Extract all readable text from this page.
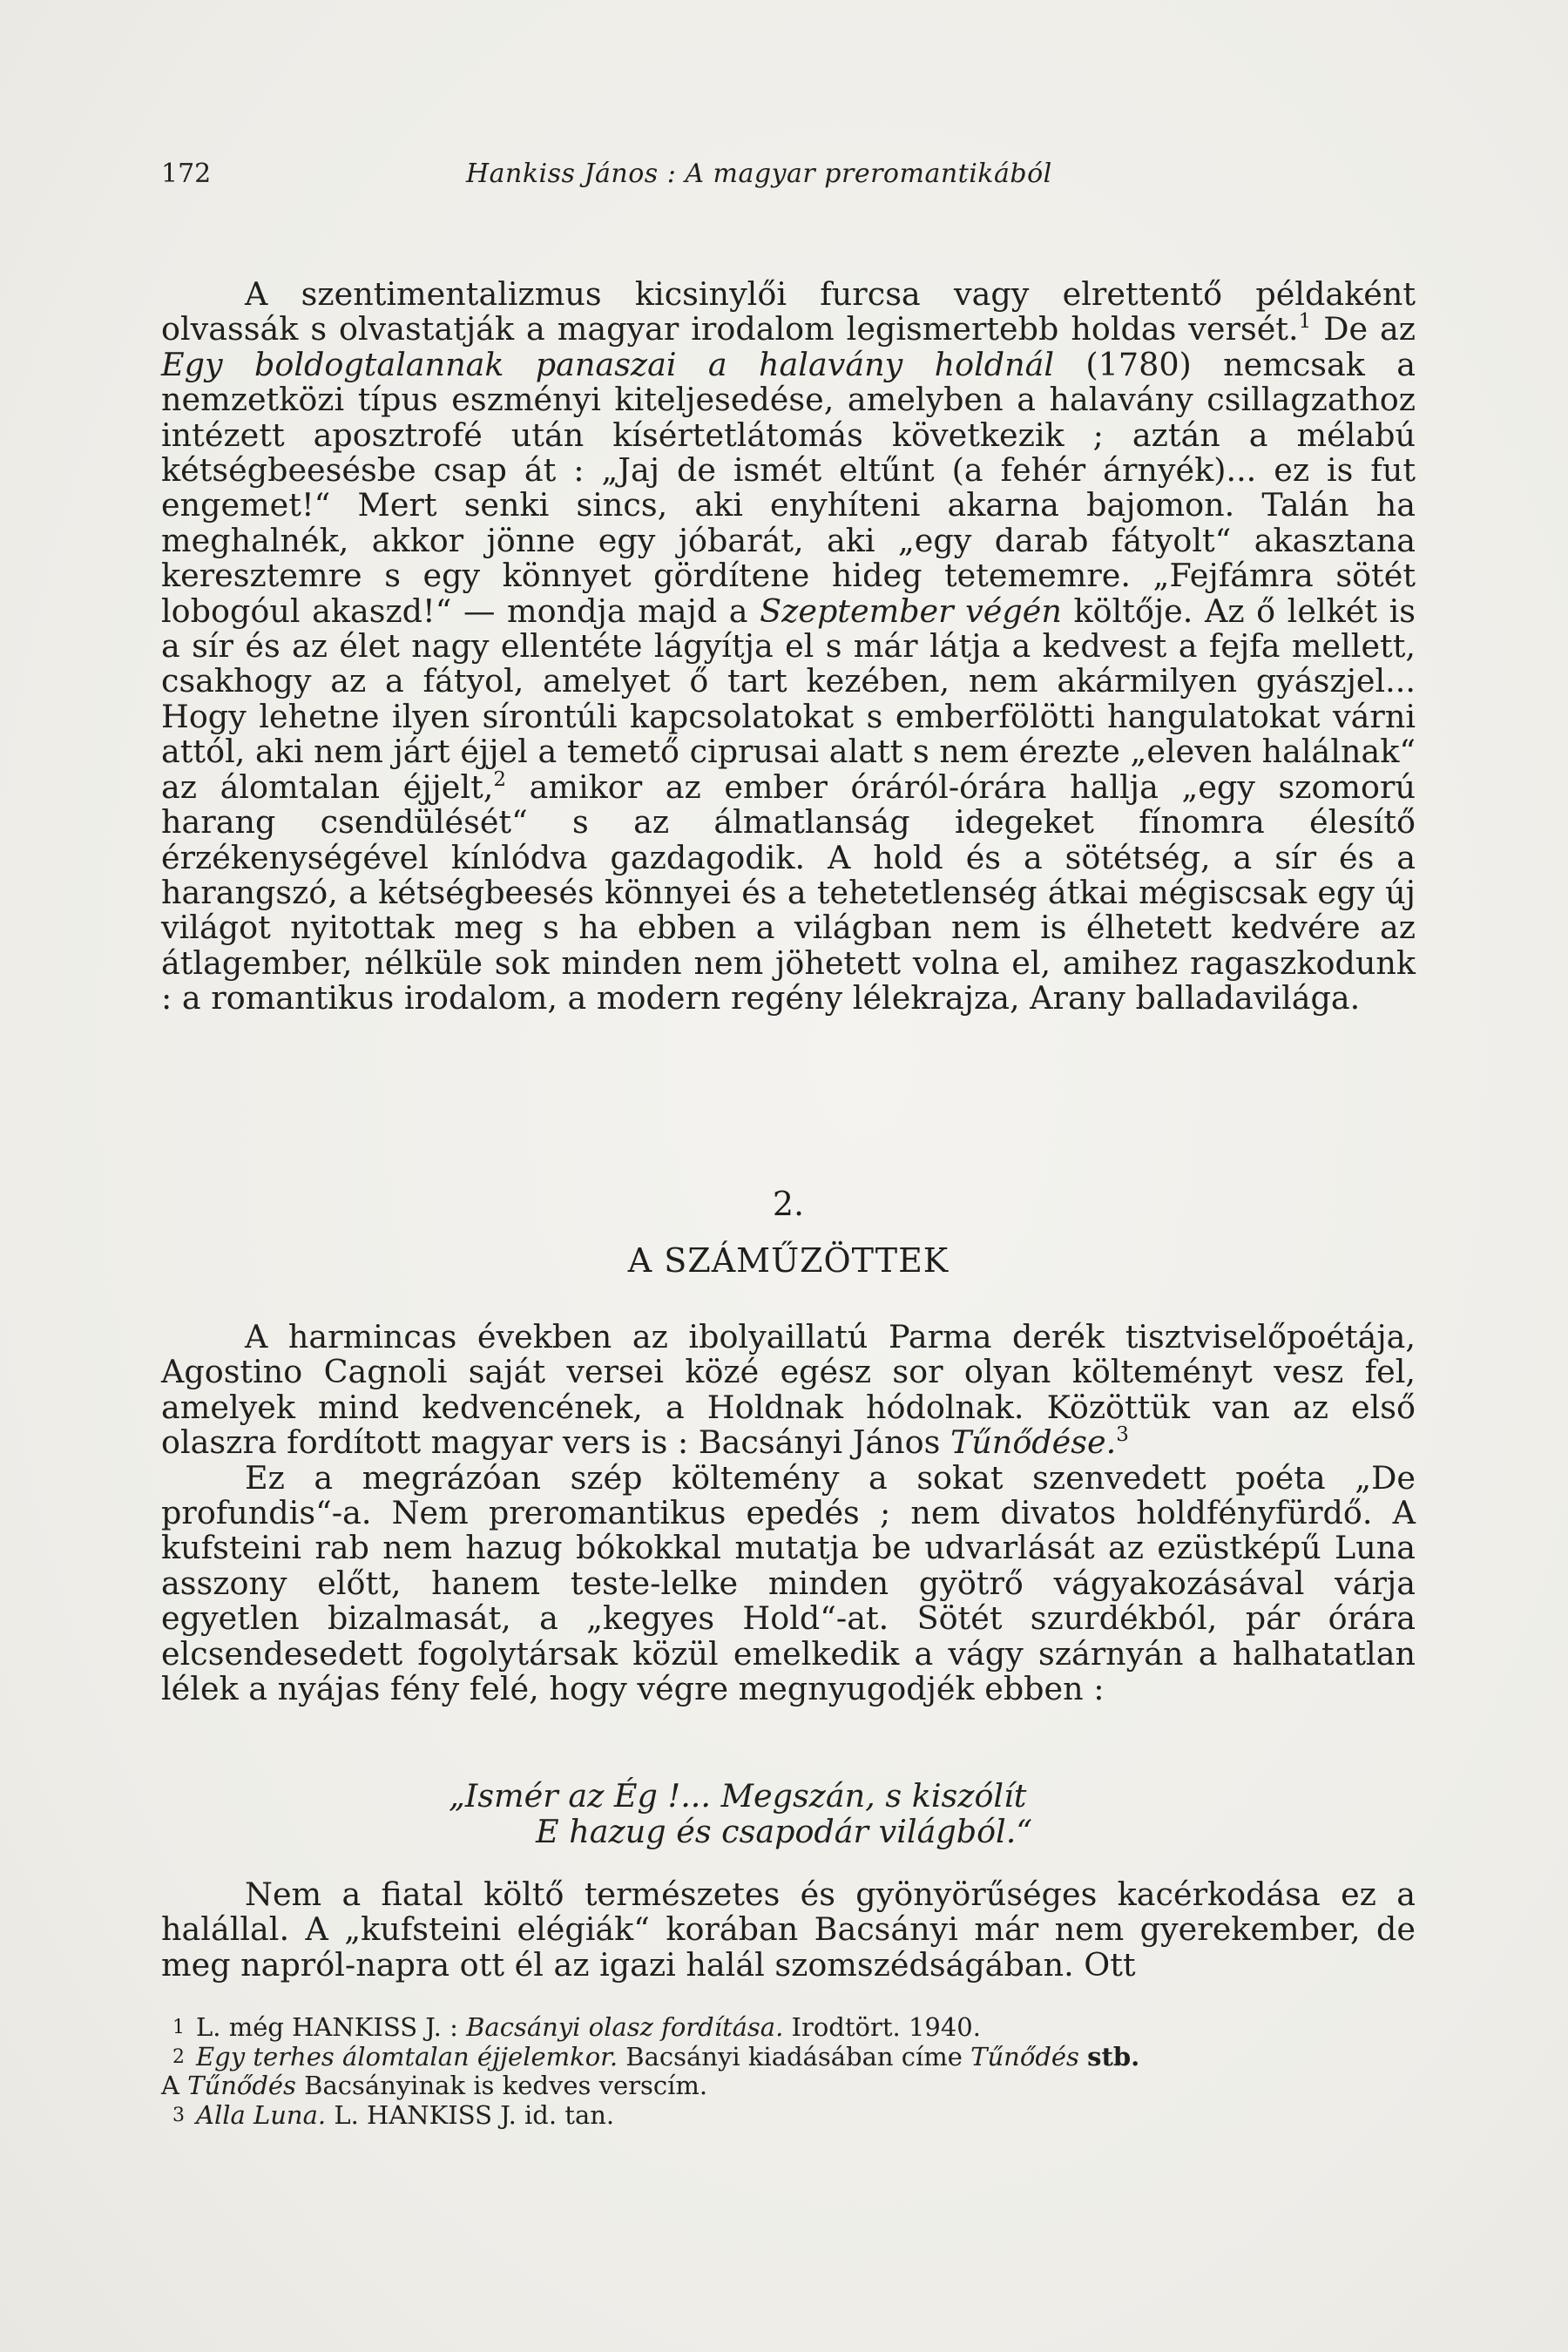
172	Hankiss János : A magyar preromantikából

A szentimentalizmus kicsinylői furcsa vagy elrettentő példaként olvassák s olvastatják a magyar irodalom legismertebb holdas versét.$^1$ De az Egy boldogtalannak panaszai a halavány holdnál (1780) nemcsak a nemzetközi típus eszményi kiteljesedése, amelyben a halavány csillagzathoz intézett aposztrofé után kísértetlátomás következik ; aztán a mélabú kétségbeesésbe csap át : „Jaj de ismét eltűnt (a fehér árnyék)... ez is fut engemet!“ Mert senki sincs, aki enyhíteni akarna bajomon. Talán ha meghalnék, akkor jönne egy jóbarát, aki „egy darab fátyolt“ akasztana keresztemre s egy könnyet gördítene hideg tetememre. „Fejfámra sötét lobogóul akaszd!“ — mondja majd a Szeptember végén költője. Az ő lelkét is a sír és az élet nagy ellentéte lágyítja el s már látja a kedvest a fejfa mellett, csakhogy az a fátyol, amelyet ő tart kezében, nem akármilyen gyászjel... Hogy lehetne ilyen sírontúli kapcsolatokat s emberfölötti hangulatokat várni attól, aki nem járt éjjel a temető ciprusai alatt s nem érezte „eleven halálnak“ az álomtalan éjjelt,$^2$ amikor az ember óráról-órára hallja „egy szomorú harang csendülését“ s az álmatlanság idegeket fínomra élesítő érzékenységével kínlódva gazdagodik. A hold és a sötétség, a sír és a harangszó, a kétségbeesés könnyei és a tehetetlenség átkai mégiscsak egy új világot nyitottak meg s ha ebben a világban nem is élhetett kedvére az átlagember, nélküle sok minden nem jöhetett volna el, amihez ragaszkodunk : a romantikus irodalom, a modern regény lélekrajza, Arany balladavilága.

2.
A SZÁMŰZÖTTEK

A harmincas években az ibolyaillatú Parma derék tisztviselőpoétája, Agostino Cagnoli saját versei közé egész sor olyan költeményt vesz fel, amelyek mind kedvencének, a Holdnak hódolnak. Közöttük van az első olaszra fordított magyar vers is : Bacsányi János Tűnődése.$^3$

Ez a megrázóan szép költemény a sokat szenvedett poéta „De profundis“-a. Nem preromantikus epedés ; nem divatos holdfényfürdő. A kufsteini rab nem hazug bókokkal mutatja be udvarlását az ezüstképű Luna asszony előtt, hanem teste-lelke minden gyötrő vágyakozásával várja egyetlen bizalmasát, a „kegyes Hold“-at. Sötét szurdékból, pár órára elcsendesedett fogolytársak közül emelkedik a vágy szárnyán a halhatatlan lélek a nyájas fény felé, hogy végre megnyugodjék ebben :

„Ismér az Ég !... Megszán, s kiszólít
E hazug és csapodár világból.“

Nem a fiatal költő természetes és gyönyörűséges kacérkodása ez a halállal. A „kufsteini elégiák“ korában Bacsányi már nem gyerekember, de meg napról-napra ott él az igazi halál szomszédságában. Ott

1 L. még HANKISS J. : Bacsányi olasz fordítása. Irodtört. 1940.

2 Egy terhes álomtalan éjjelemkor. Bacsányi kiadásában címe Tűnődés stb.

A Tűnődés Bacsányinak is kedves verscím.

3 Alla Luna. L. HANKISS J. id. tan.
